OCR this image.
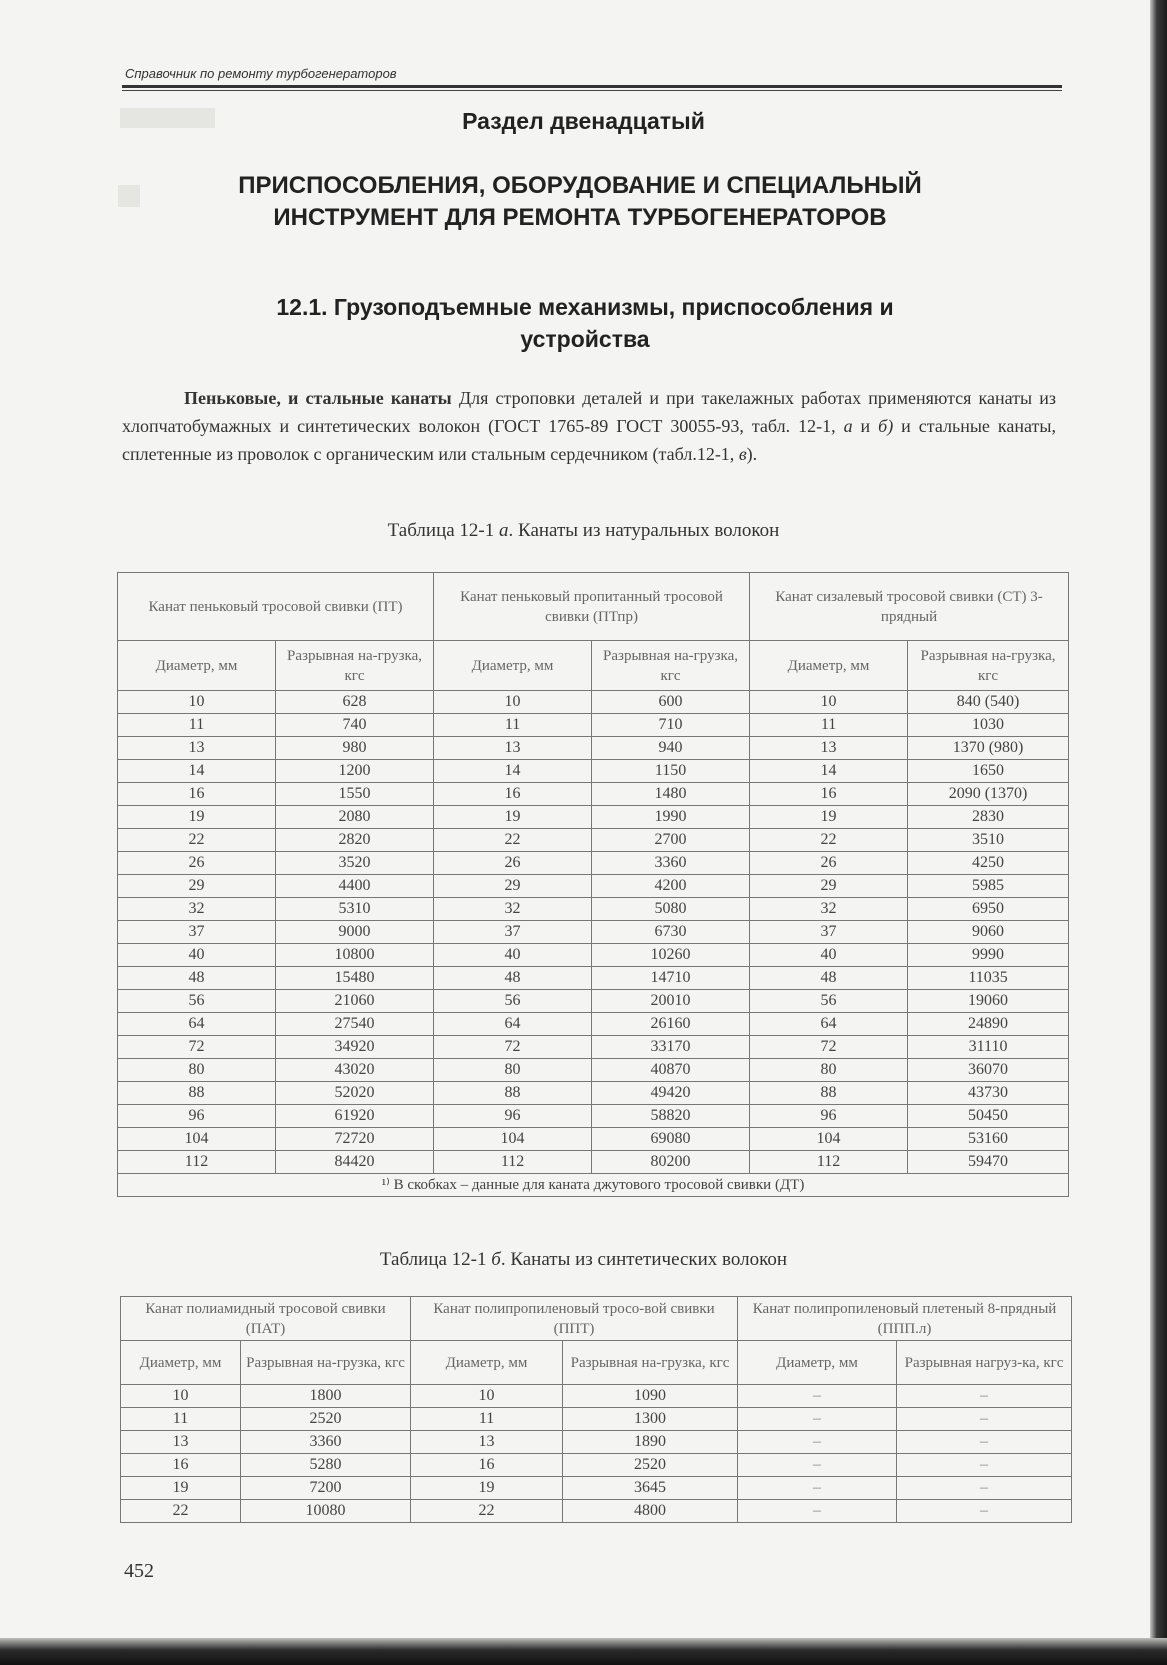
Справочник по ремонту турбогенераторов
Раздел двенадцатый
ПРИСПОСОБЛЕНИЯ, ОБОРУДОВАНИЕ И СПЕЦИАЛЬНЫЙ
ИНСТРУМЕНТ ДЛЯ РЕМОНТА ТУРБОГЕНЕРАТОРОВ
12.1. Грузоподъемные механизмы, приспособления и
устройства
Пеньковые, и стальные канаты Для строповки деталей и при такелажных работах применяются канаты из хлопчатобумажных и синтетических волокон (ГОСТ 1765-89 ГОСТ 30055-93, табл. 12-1, а и б) и стальные канаты, сплетенные из проволок с органическим или стальным сердечником (табл.12-1, в).
Таблица 12-1 а. Канаты из натуральных волокон
Канат пеньковый тросовой свивки (ПТ)		Канат пеньковый пропитанный тросовой свивки (ПТпр)		Канат сизалевый тросовой свивки (СТ) 3-прядный	
Диаметр, мм	Разрывная на-грузка, кгс	Диаметр, мм	Разрывная на-грузка, кгс	Диаметр, мм	Разрывная на-грузка, кгс
10	628	10	600	10	840 (540)
11	740	11	710	11	1030
13	980	13	940	13	1370 (980)
14	1200	14	1150	14	1650
16	1550	16	1480	16	2090 (1370)
19	2080	19	1990	19	2830
22	2820	22	2700	22	3510
26	3520	26	3360	26	4250
29	4400	29	4200	29	5985
32	5310	32	5080	32	6950
37	9000	37	6730	37	9060
40	10800	40	10260	40	9990
48	15480	48	14710	48	11035
56	21060	56	20010	56	19060
64	27540	64	26160	64	24890
72	34920	72	33170	72	31110
80	43020	80	40870	80	36070
88	52020	88	49420	88	43730
96	61920	96	58820	96	50450
104	72720	104	69080	104	53160
112	84420	112	80200	112	59470
¹⁾ В скобках – данные для каната джутового тросовой свивки (ДТ)					
Таблица 12-1 б. Канаты из синтетических волокон
Канат полиамидный тросовой свивки (ПАТ)		Канат полипропиленовый тросо-вой свивки (ППТ)		Канат полипропиленовый плетеный 8-прядный (ППП.л)	
Диаметр, мм	Разрывная на-грузка, кгс	Диаметр, мм	Разрывная на-грузка, кгс	Диаметр, мм	Разрывная нагруз-ка, кгс
10	1800	10	1090	–	–
11	2520	11	1300	–	–
13	3360	13	1890	–	–
16	5280	16	2520	–	–
19	7200	19	3645	–	–
22	10080	22	4800	–	–
452
